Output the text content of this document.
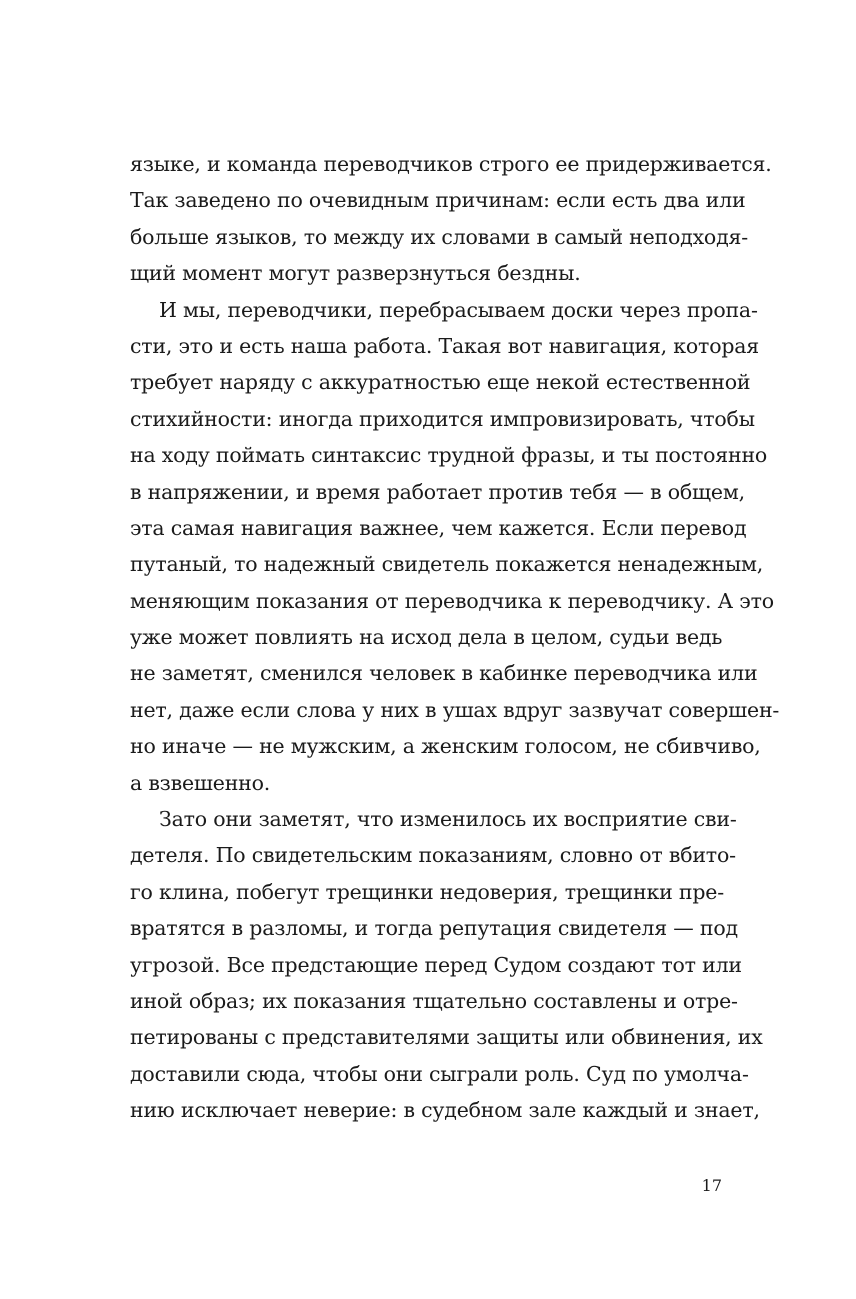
языке, и команда переводчиков строго ее придерживается.
Так заведено по очевидным причинам: если есть два или
больше языков, то между их словами в самый неподходя-
щий момент могут разверзнуться бездны.
И мы, переводчики, перебрасываем доски через пропа-
сти, это и есть наша работа. Такая вот навигация, которая
требует наряду с аккуратностью еще некой естественной
стихийности: иногда приходится импровизировать, чтобы
на ходу поймать синтаксис трудной фразы, и ты постоянно
в напряжении, и время работает против тебя — в общем,
эта самая навигация важнее, чем кажется. Если перевод
путаный, то надежный свидетель покажется ненадежным,
меняющим показания от переводчика к переводчику. А это
уже может повлиять на исход дела в целом, судьи ведь
не заметят, сменился человек в кабинке переводчика или
нет, даже если слова у них в ушах вдруг зазвучат совершен-
но иначе — не мужским, а женским голосом, не сбивчиво,
а взвешенно.
Зато они заметят, что изменилось их восприятие сви-
детеля. По свидетельским показаниям, словно от вбито-
го клина, побегут трещинки недоверия, трещинки пре-
вратятся в разломы, и тогда репутация свидетеля — под
угрозой. Все предстающие перед Судом создают тот или
иной образ; их показания тщательно составлены и отре-
петированы с представителями защиты или обвинения, их
доставили сюда, чтобы они сыграли роль. Суд по умолча-
нию исключает неверие: в судебном зале каждый и знает,
17
